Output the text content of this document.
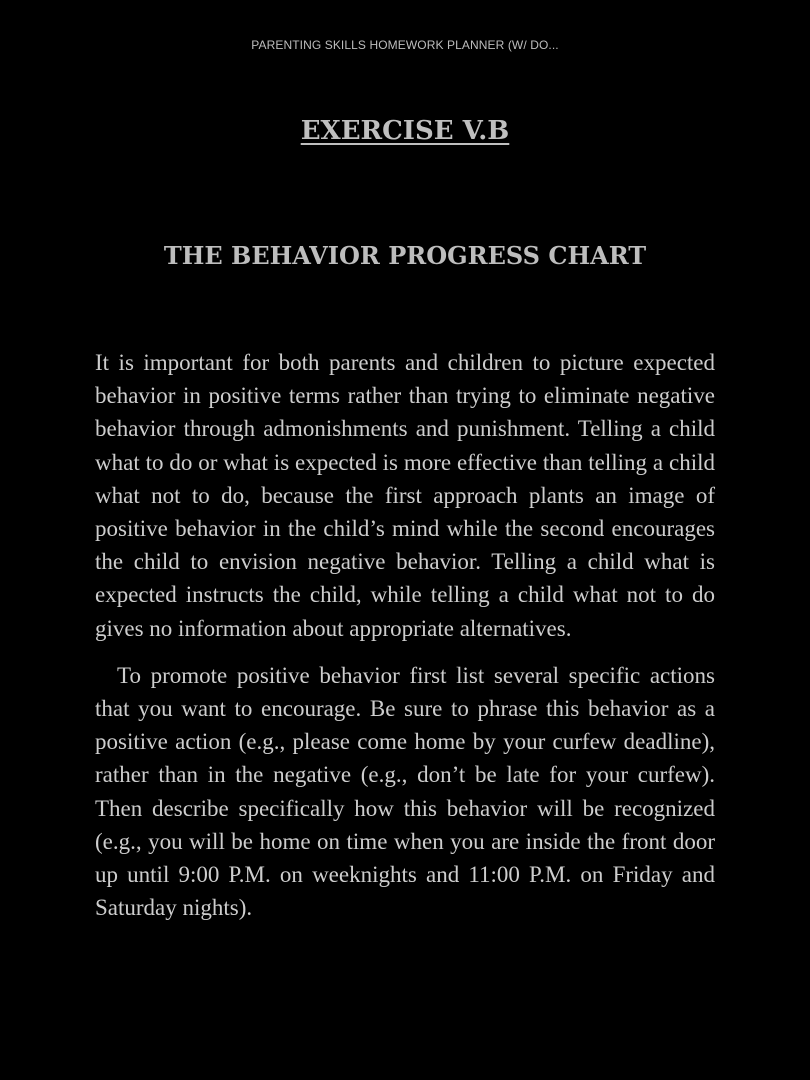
PARENTING SKILLS HOMEWORK PLANNER (W/ DO...
EXERCISE V.B
THE BEHAVIOR PROGRESS CHART

It is important for both parents and children to picture expected behavior in positive terms rather than trying to eliminate negative behavior through admonishments and punishment. Telling a child what to do or what is expected is more effective than telling a child what not to do, because the first approach plants an image of positive behavior in the child’s mind while the second encourages the child to envision negative behavior. Telling a child what is expected instructs the child, while telling a child what not to do gives no information about appropriate alternatives.

To promote positive behavior first list several specific actions that you want to encourage. Be sure to phrase this behavior as a positive action (e.g., please come home by your curfew deadline), rather than in the negative (e.g., don’t be late for your curfew). Then describe specifically how this behavior will be recognized (e.g., you will be home on time when you are inside the front door up until 9:00 P.M. on weeknights and 11:00 P.M. on Friday and Saturday nights).
